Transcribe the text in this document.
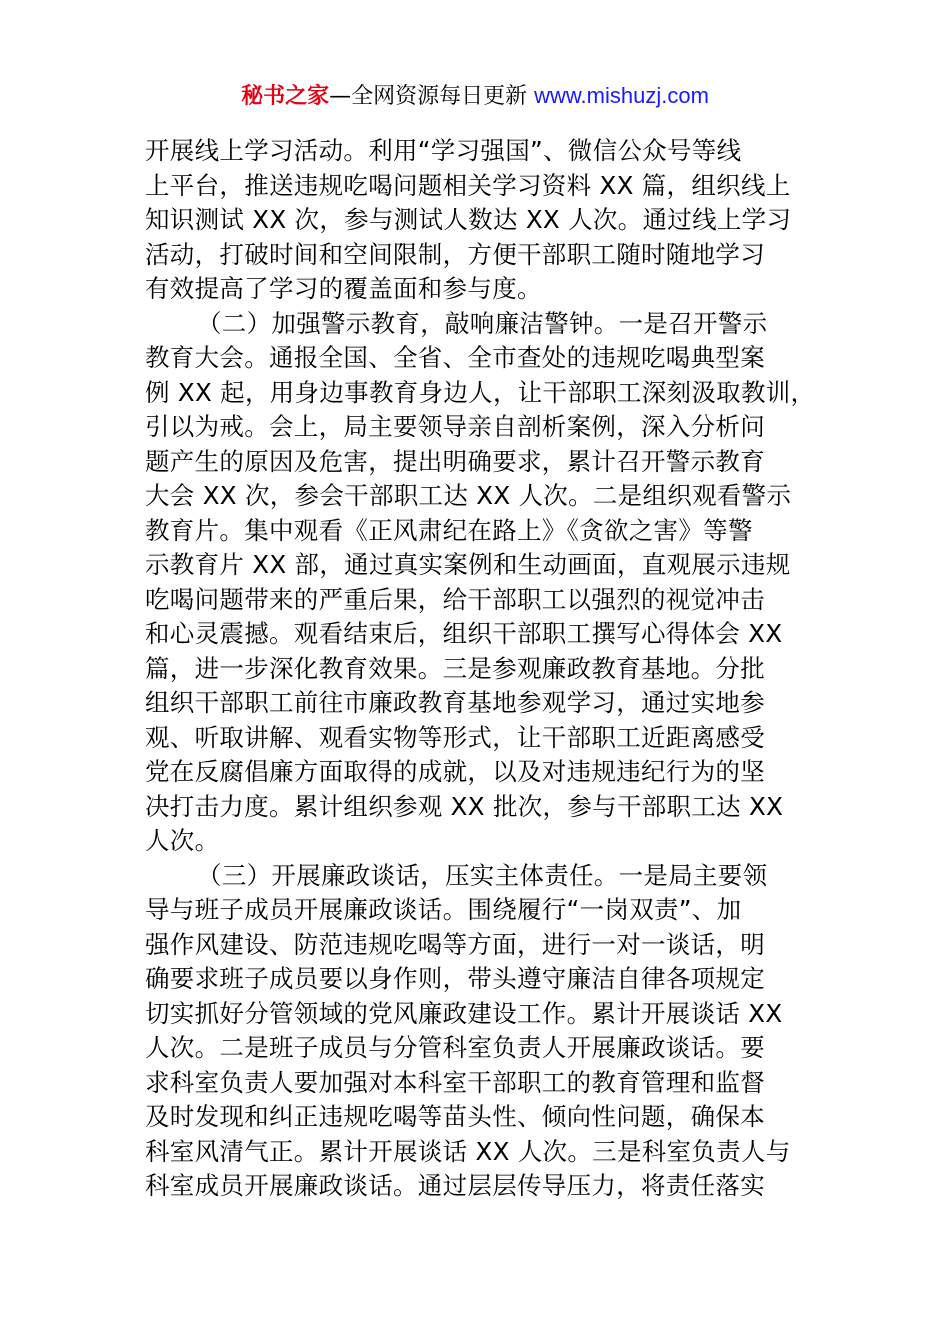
秘书之家—全网资源每日更新 www.mishuzj.com
开展线上学习活动。利用“学习强国”、微信公众号等线
上平台，推送违规吃喝问题相关学习资料 XX 篇，组织线上
知识测试 XX 次，参与测试人数达 XX 人次。通过线上学习
活动，打破时间和空间限制，方便干部职工随时随地学习
有效提高了学习的覆盖面和参与度。
（二）加强警示教育，敲响廉洁警钟。一是召开警示
教育大会。通报全国、全省、全市查处的违规吃喝典型案
例 XX 起，用身边事教育身边人，让干部职工深刻汲取教训，
引以为戒。会上，局主要领导亲自剖析案例，深入分析问
题产生的原因及危害，提出明确要求，累计召开警示教育
大会 XX 次，参会干部职工达 XX 人次。二是组织观看警示
教育片。集中观看《正风肃纪在路上》《贪欲之害》等警
示教育片 XX 部，通过真实案例和生动画面，直观展示违规
吃喝问题带来的严重后果，给干部职工以强烈的视觉冲击
和心灵震撼。观看结束后，组织干部职工撰写心得体会 XX
篇，进一步深化教育效果。三是参观廉政教育基地。分批
组织干部职工前往市廉政教育基地参观学习，通过实地参
观、听取讲解、观看实物等形式，让干部职工近距离感受
党在反腐倡廉方面取得的成就，以及对违规违纪行为的坚
决打击力度。累计组织参观 XX 批次，参与干部职工达 XX
人次。
（三）开展廉政谈话，压实主体责任。一是局主要领
导与班子成员开展廉政谈话。围绕履行“一岗双责”、加
强作风建设、防范违规吃喝等方面，进行一对一谈话，明
确要求班子成员要以身作则，带头遵守廉洁自律各项规定
切实抓好分管领域的党风廉政建设工作。累计开展谈话 XX
人次。二是班子成员与分管科室负责人开展廉政谈话。要
求科室负责人要加强对本科室干部职工的教育管理和监督
及时发现和纠正违规吃喝等苗头性、倾向性问题，确保本
科室风清气正。累计开展谈话 XX 人次。三是科室负责人与
科室成员开展廉政谈话。通过层层传导压力，将责任落实
